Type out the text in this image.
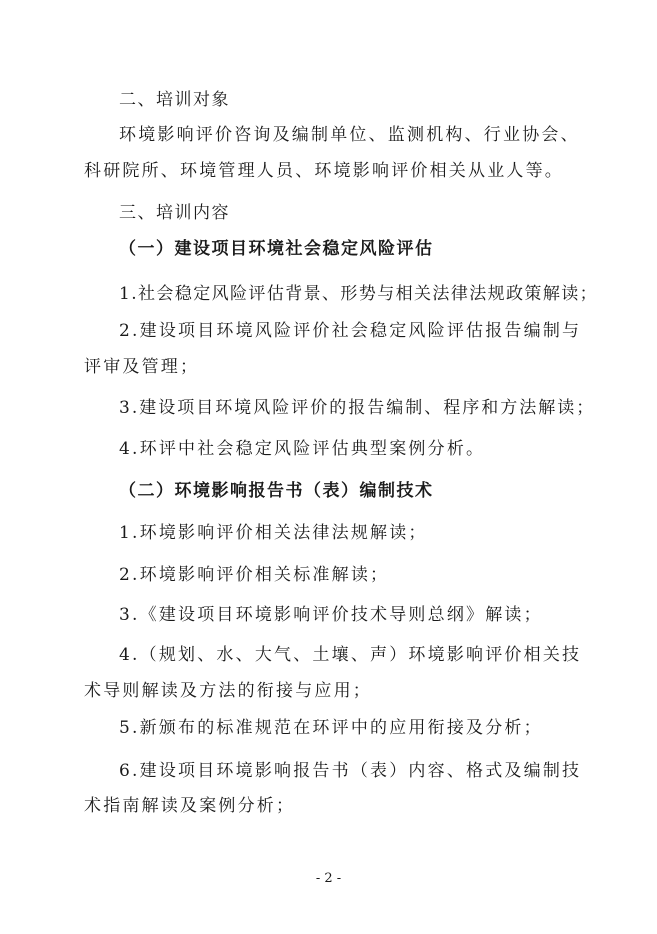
二、培训对象
环境影响评价咨询及编制单位、监测机构、行业协会、
科研院所、环境管理人员、环境影响评价相关从业人等。
三、培训内容
（一）建设项目环境社会稳定风险评估
1.社会稳定风险评估背景、形势与相关法律法规政策解读；
2.建设项目环境风险评价社会稳定风险评估报告编制与
评审及管理；
3.建设项目环境风险评价的报告编制、程序和方法解读；
4.环评中社会稳定风险评估典型案例分析。
（二）环境影响报告书（表）编制技术
1.环境影响评价相关法律法规解读；
2.环境影响评价相关标准解读；
3.《建设项目环境影响评价技术导则总纲》解读；
4.（规划、水、大气、土壤、声）环境影响评价相关技
术导则解读及方法的衔接与应用；
5.新颁布的标准规范在环评中的应用衔接及分析；
6.建设项目环境影响报告书（表）内容、格式及编制技
术指南解读及案例分析；
- 2 -
